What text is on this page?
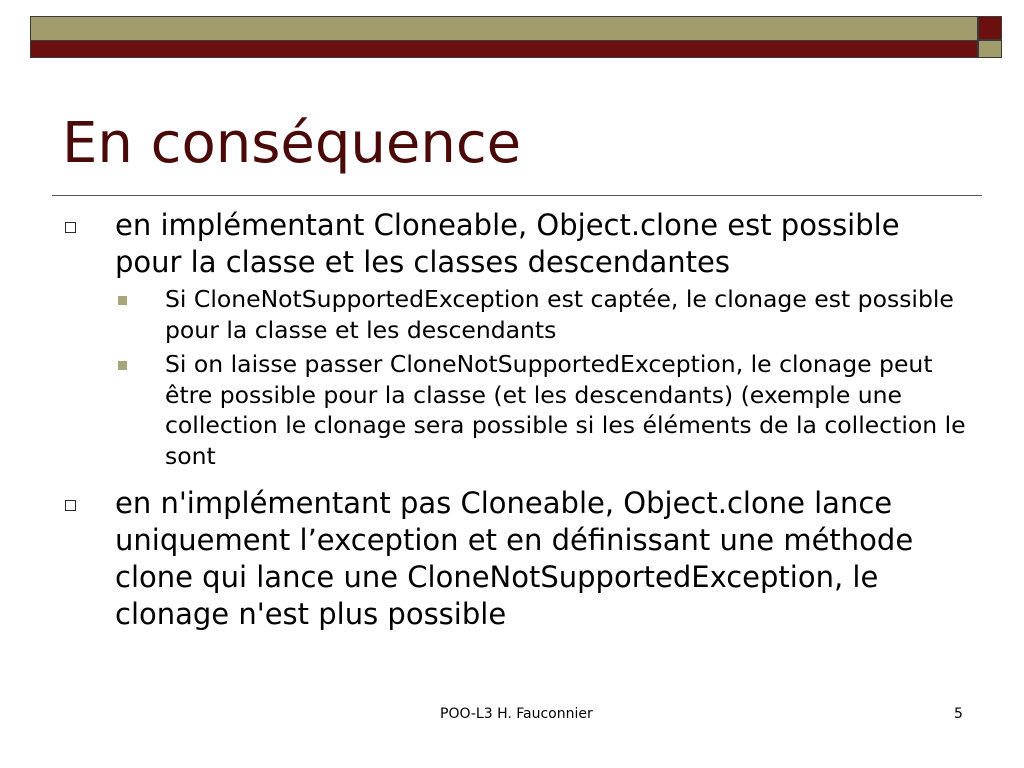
En conséquence
en implémentant Cloneable, Object.clone est possible pour la classe et les classes descendantes
Si CloneNotSupportedException est captée, le clonage est possible pour la classe et les descendants
Si on laisse passer CloneNotSupportedException, le clonage peut être possible pour la classe (et les descendants) (exemple une collection le clonage sera possible si les éléments de la collection le sont
en n'implémentant pas Cloneable, Object.clone lance uniquement l’exception et en définissant une méthode clone qui lance une CloneNotSupportedException, le clonage n'est plus possible
POO-L3 H. Fauconnier	5
